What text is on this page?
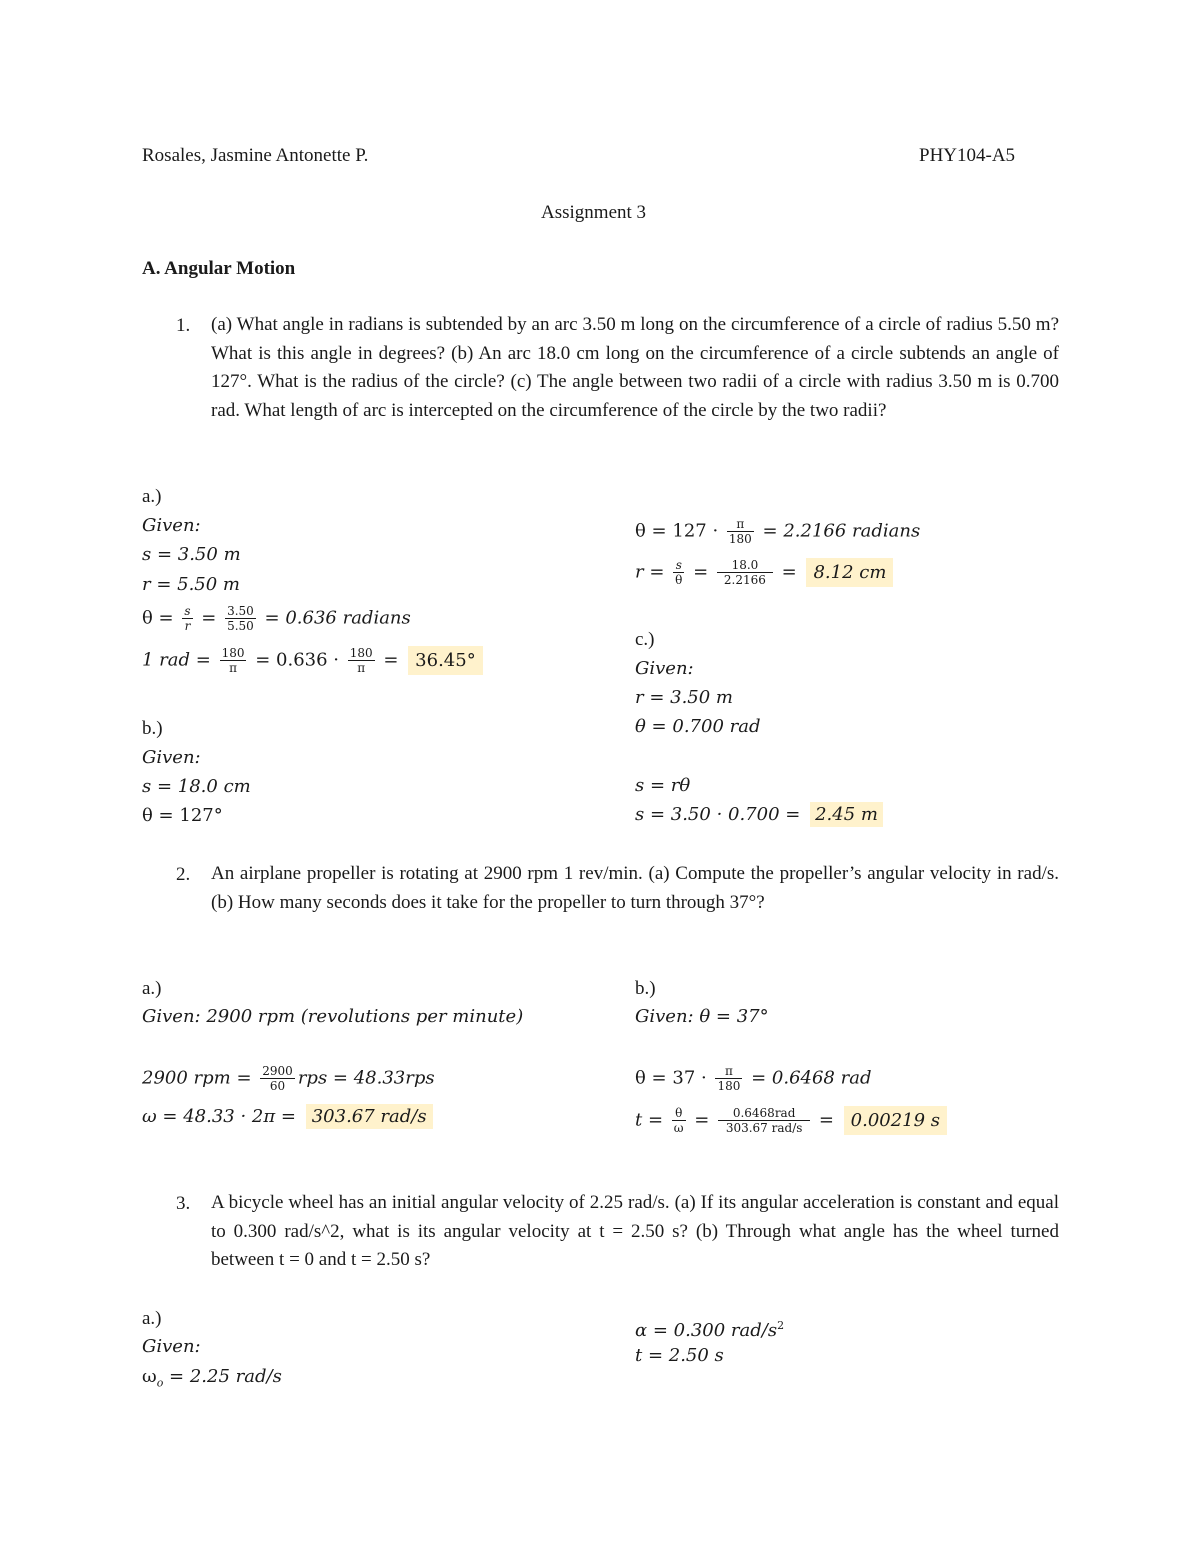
Rosales, Jasmine Antonette P.	PHY104-A5
Assignment 3
A. Angular Motion
1. (a) What angle in radians is subtended by an arc 3.50 m long on the circumference of a circle of radius 5.50 m? What is this angle in degrees? (b) An arc 18.0 cm long on the circumference of a circle subtends an angle of 127°. What is the radius of the circle? (c) The angle between two radii of a circle with radius 3.50 m is 0.700 rad. What length of arc is intercepted on the circumference of the circle by the two radii?
a.)
Given:
s = 3.50 m
r = 5.50 m
$\theta = \frac{s}{r} = \frac{3.50}{5.50} = 0.636$ radians
1 rad = $\frac{180}{\pi} = 0.636 \cdot \frac{180}{\pi} = 36.45^\circ$
b.)
Given:
s = 18.0 cm
θ = 127°
$\theta = 127 \cdot \frac{\pi}{180} = 2.2166$ radians
$r = \frac{s}{\theta} = \frac{18.0}{2.2166} = 8.12$ cm
c.)
Given:
r = 3.50 m
θ = 0.700 rad
s = rθ
s = 3.50 · 0.700 = 2.45 m
2. An airplane propeller is rotating at 2900 rpm 1 rev/min. (a) Compute the propeller’s angular velocity in rad/s. (b) How many seconds does it take for the propeller to turn through 37°?
a.)
Given: 2900 rpm (revolutions per minute)
2900 rpm = $\frac{2900}{60}$ rps = 48.33rps
ω = 48.33 · 2π = 303.67 rad/s
b.)
Given: θ = 37°
$\theta = 37 \cdot \frac{\pi}{180} = 0.6468$ rad
$t = \frac{\theta}{\omega} = \frac{\text{0.6468rad}}{\text{303.67 rad/s}} = 0.00219$ s
3. A bicycle wheel has an initial angular velocity of 2.25 rad/s. (a) If its angular acceleration is constant and equal to 0.300 rad/s^2, what is its angular velocity at t = 2.50 s? (b) Through what angle has the wheel turned between t = 0 and t = 2.50 s?
a.)
Given:
$\omega_o = 2.25$ rad/s
α = 0.300 rad/$s^2$
t = 2.50 s
